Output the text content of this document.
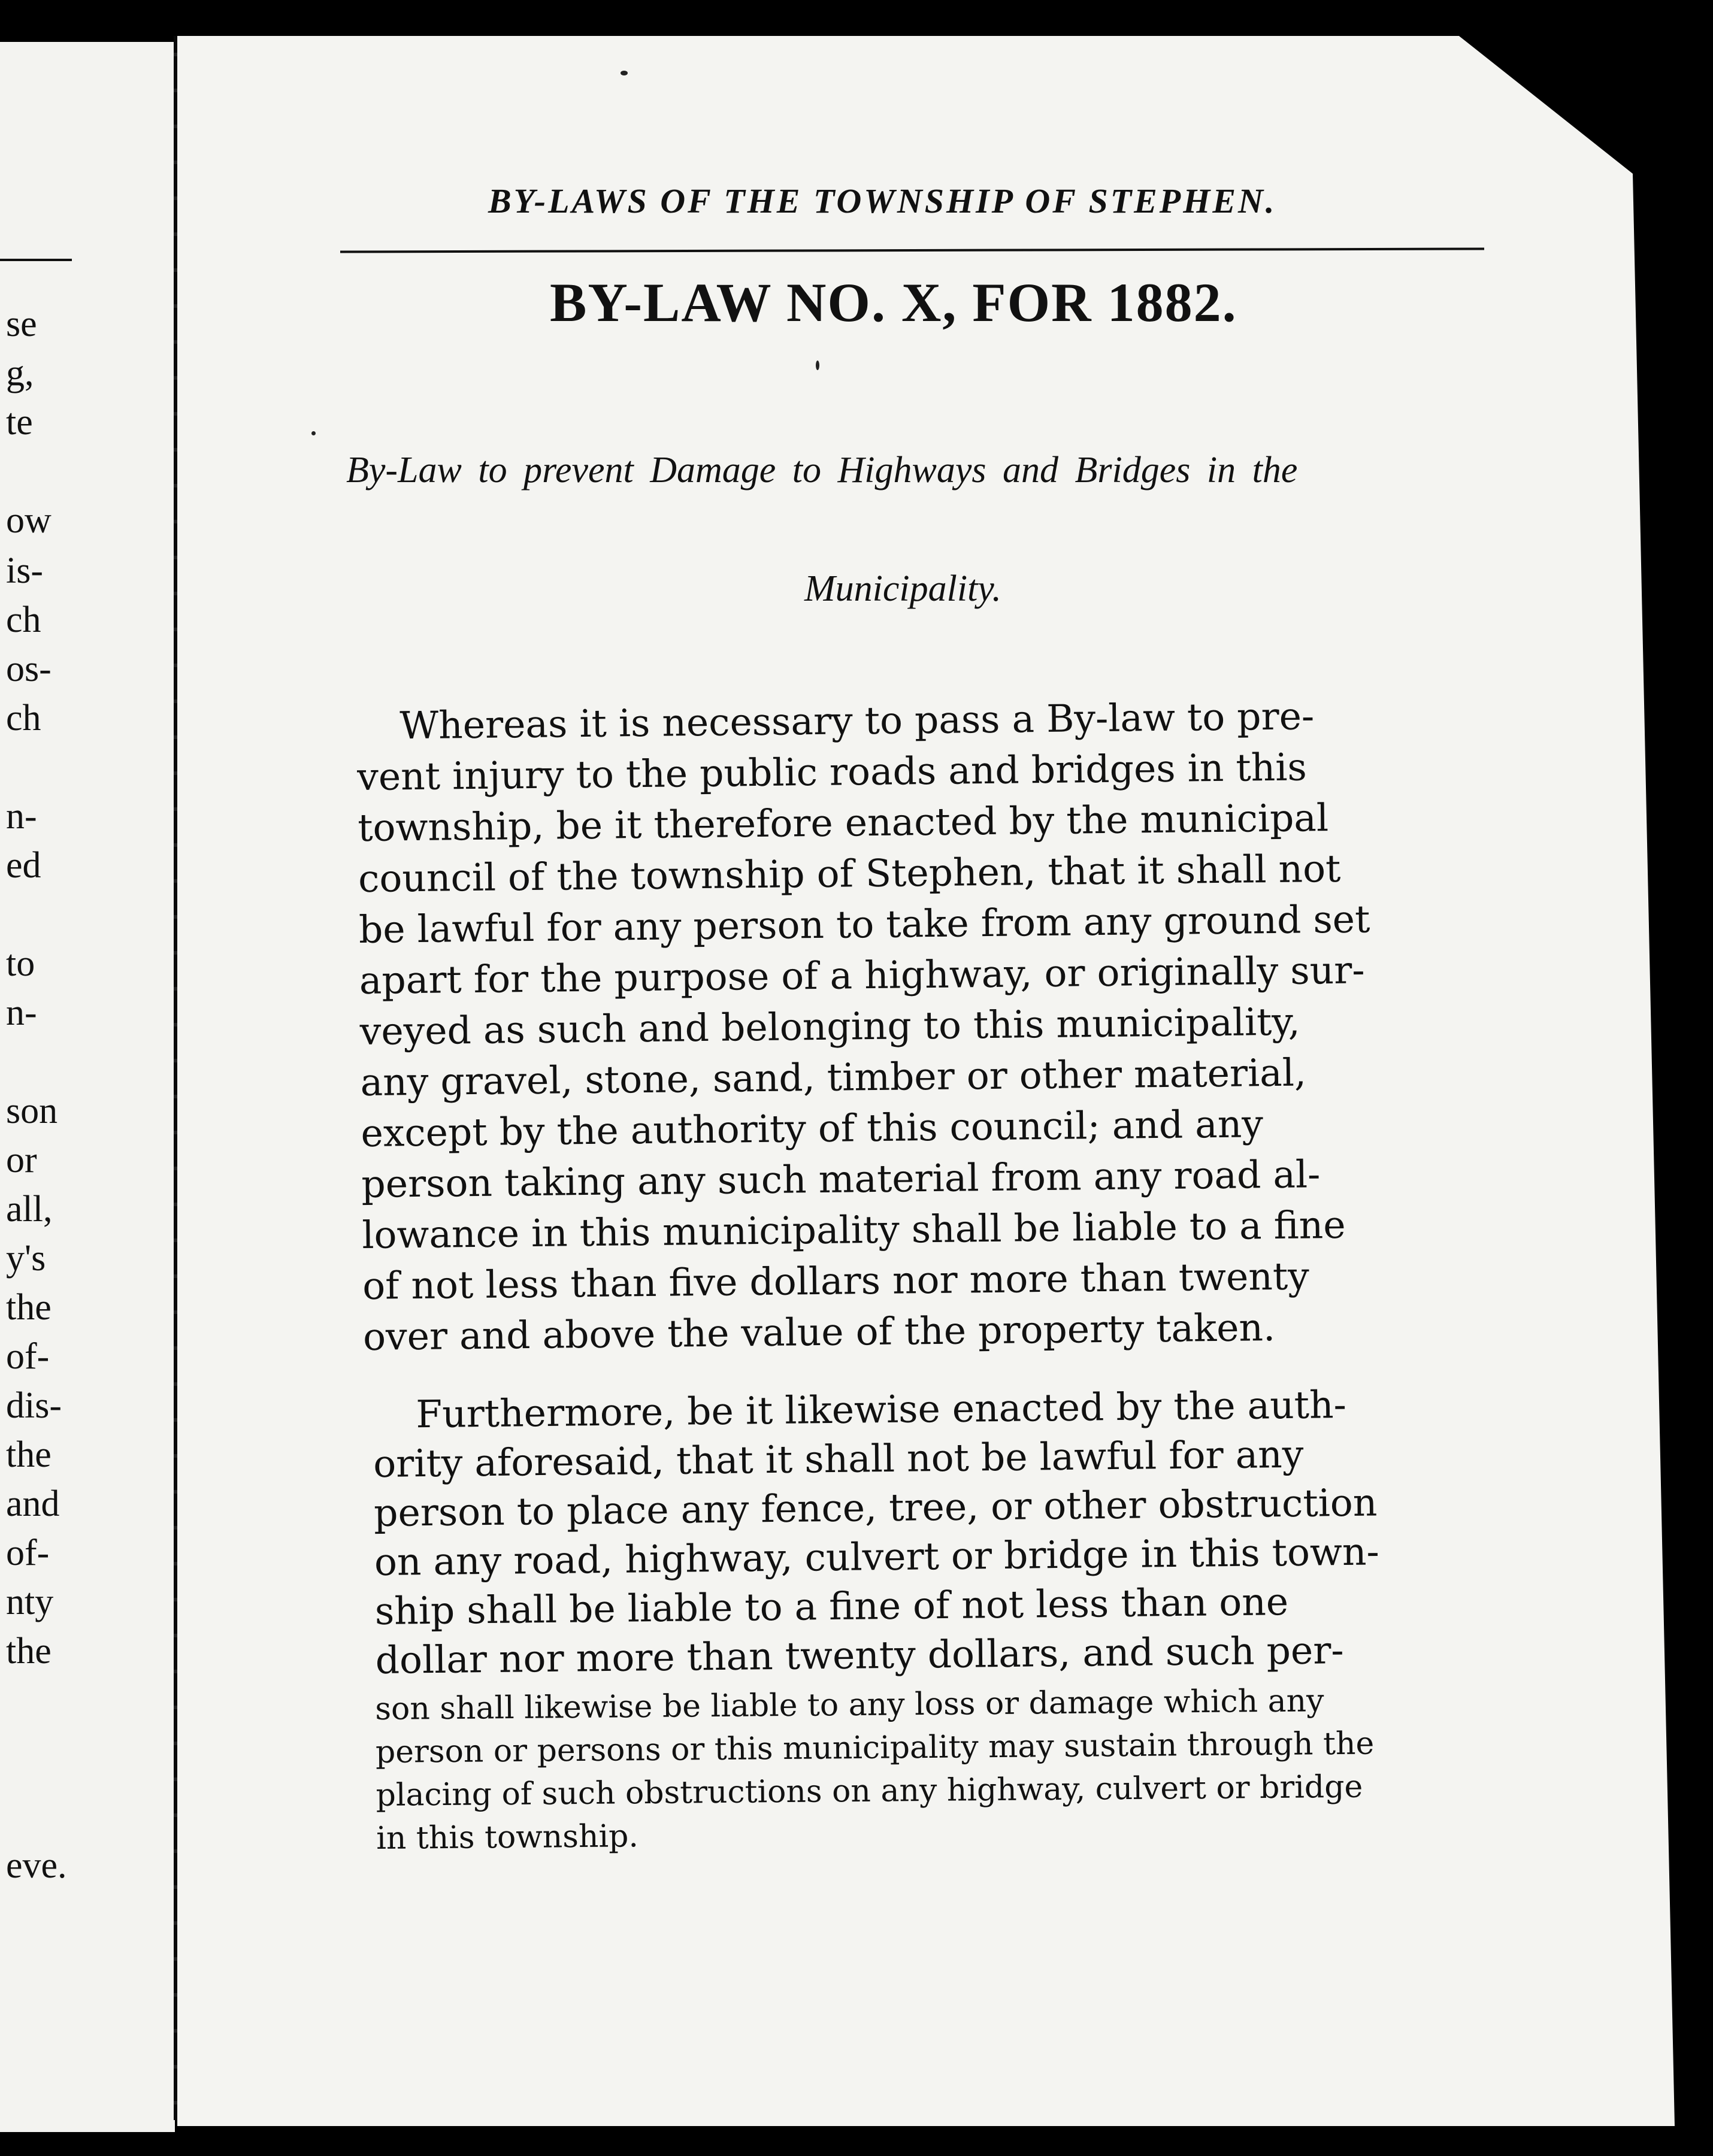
se
g,
te
ow
is-
ch
os-
ch
n-
ed
to
n-
son
or
all,
y's
the
of-
dis-
the
and
of-
nty
the
eve.
BY-LAWS OF THE TOWNSHIP OF STEPHEN.
BY-LAW NO. X, FOR 1882.
By-Law to prevent Damage to Highways and Bridges in the
Municipality.
Whereas it is necessary to pass a By-law to pre-
vent injury to the public roads and bridges in this
township, be it therefore enacted by the municipal
council of the township of Stephen, that it shall not
be lawful for any person to take from any ground set
apart for the purpose of a highway, or originally sur-
veyed as such and belonging to this municipality,
any gravel, stone, sand, timber or other material,
except by the authority of this council; and any
person taking any such material from any road al-
lowance in this municipality shall be liable to a fine
of not less than five dollars nor more than twenty
over and above the value of the property taken.
Furthermore, be it likewise enacted by the auth-
ority aforesaid, that it shall not be lawful for any
person to place any fence, tree, or other obstruction
on any road, highway, culvert or bridge in this town-
ship shall be liable to a fine of not less than one
dollar nor more than twenty dollars, and such per-
son shall likewise be liable to any loss or damage which any
person or persons or this municipality may sustain through the
placing of such obstructions on any highway, culvert or bridge
in this township.
